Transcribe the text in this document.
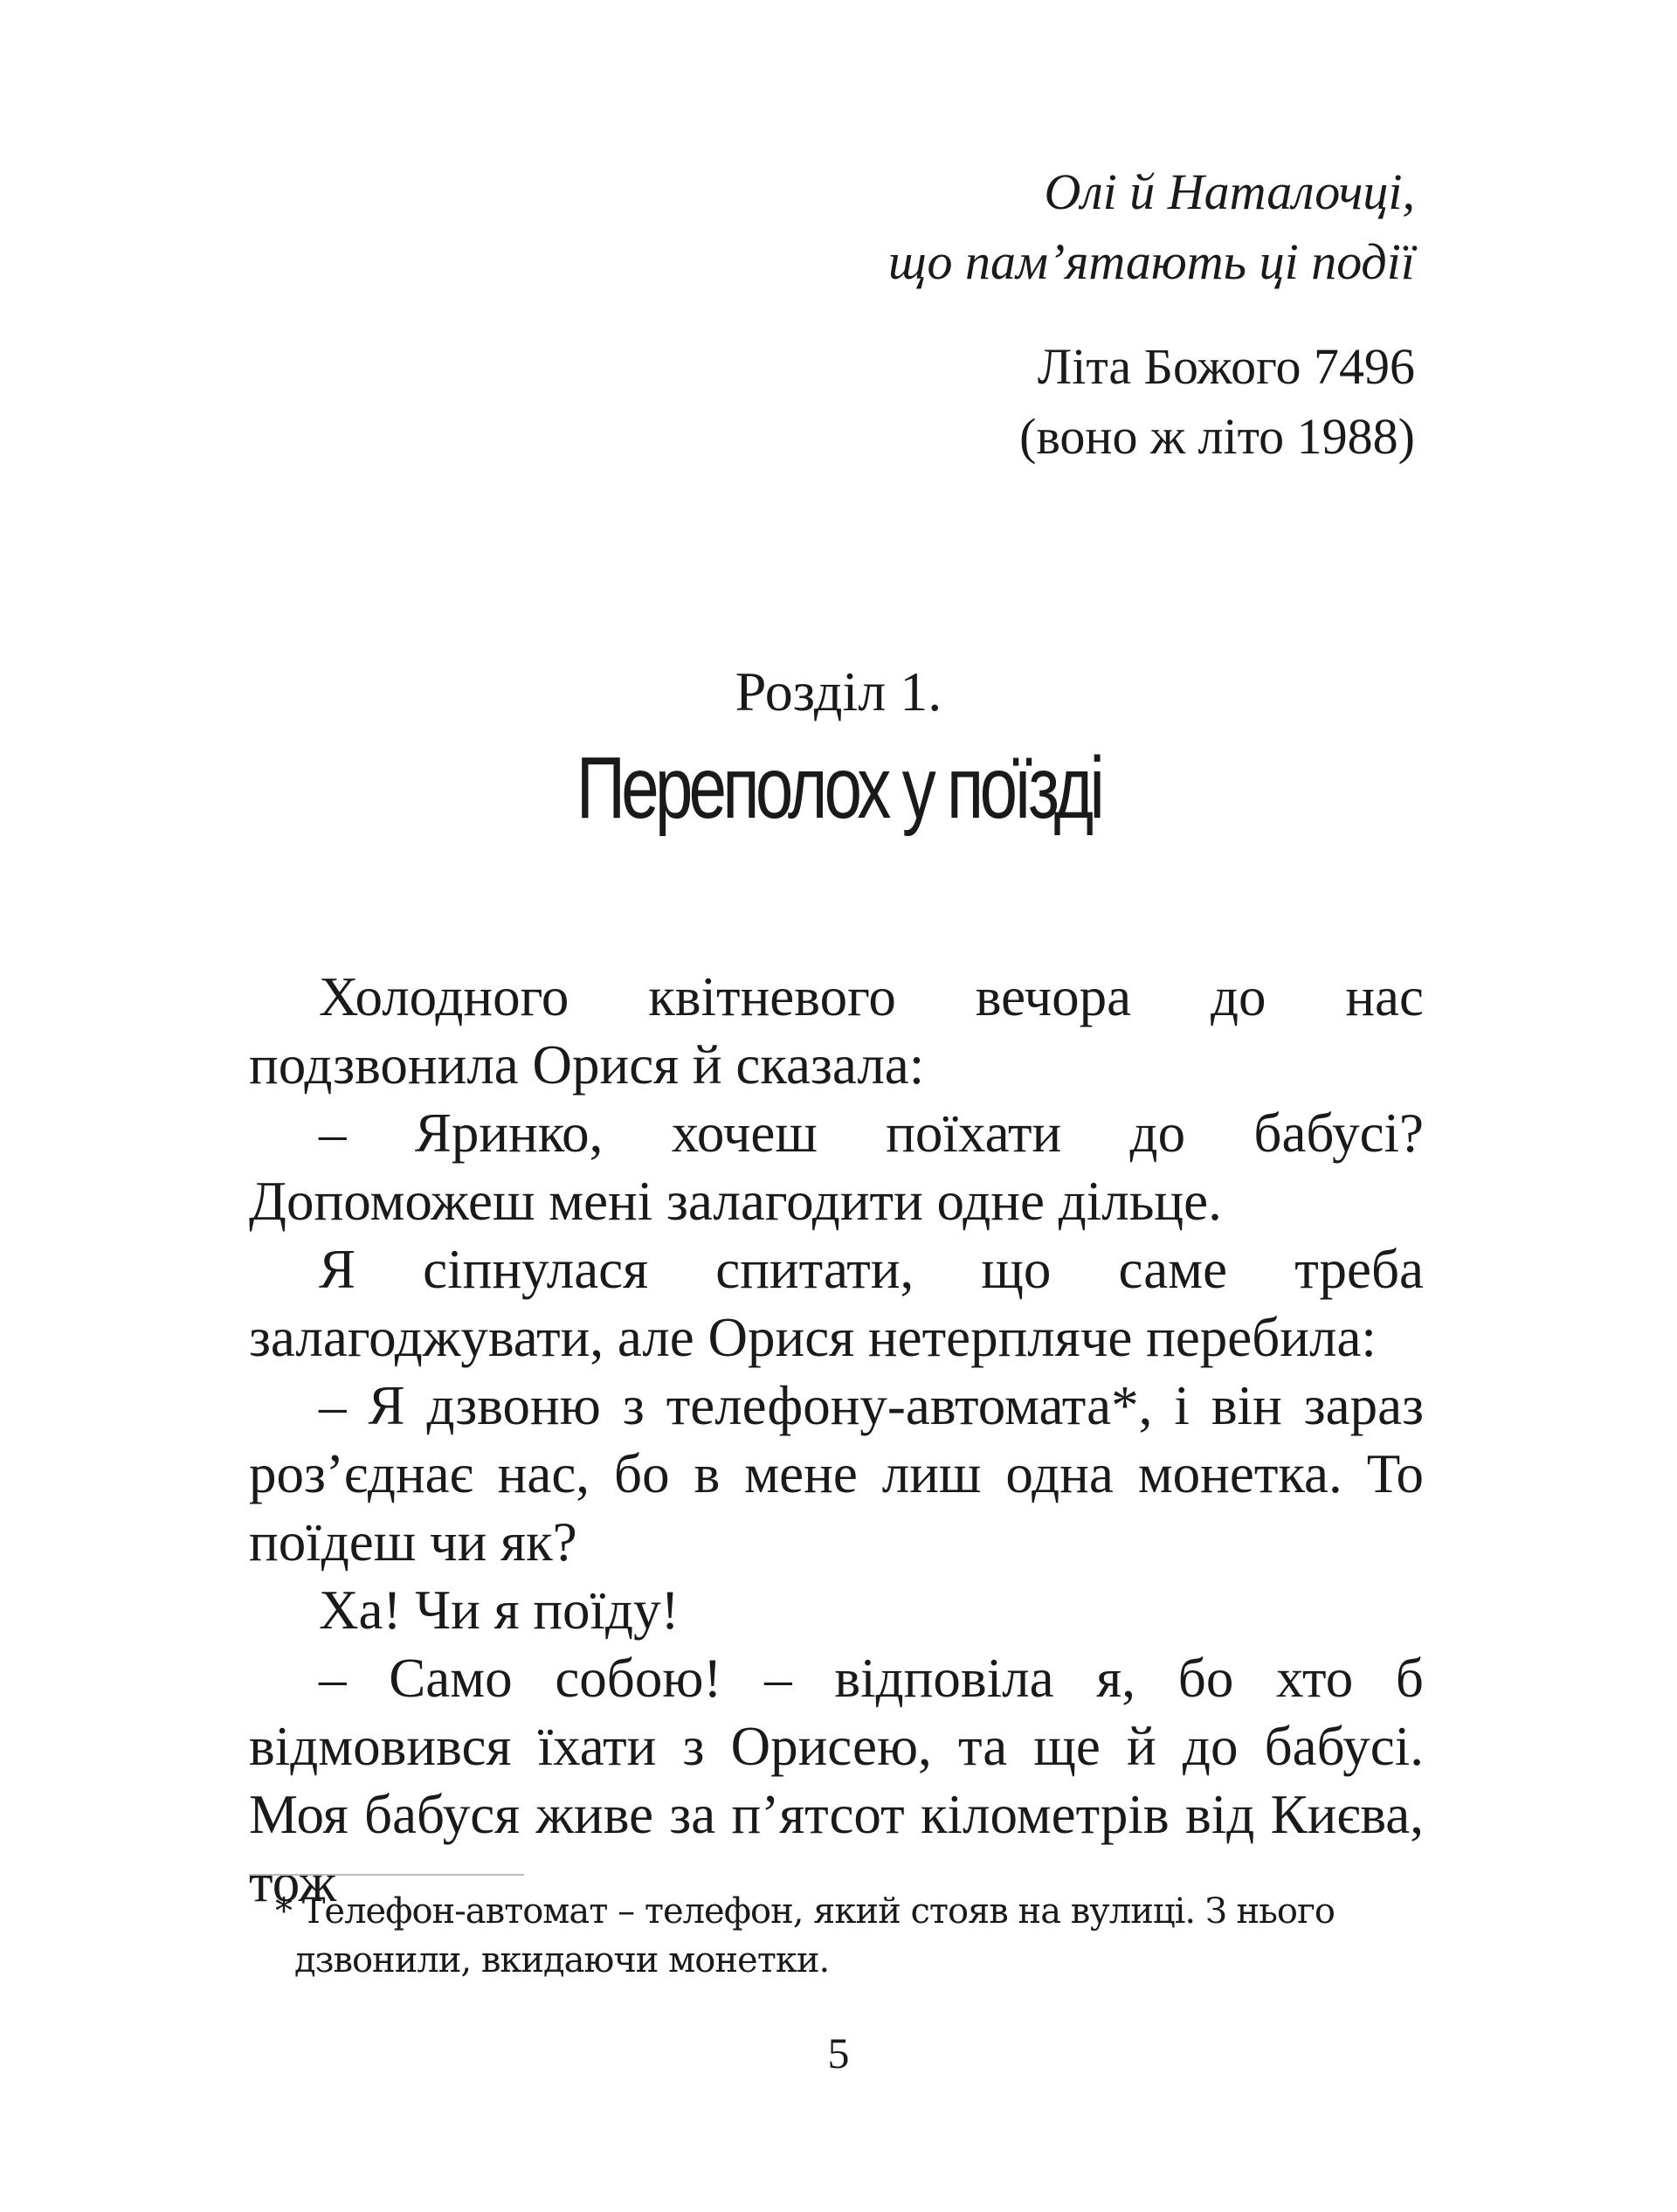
Олі й Наталочці,
що пам’ятають ці події
Літа Божого 7496
(воно ж літо 1988)
Розділ 1.
Переполох у поїзді

Холодного квітневого вечора до нас подзвонила Орися й сказала:

– Яринко, хочеш поїхати до бабусі? Допоможеш мені залагодити одне дільце.

Я сіпнулася спитати, що саме треба залагоджувати, але Орися нетерпляче перебила:

– Я дзвоню з телефону-автомата*, і він зараз роз’єднає нас, бо в мене лиш одна монетка. То поїдеш чи як?

Ха! Чи я поїду!

– Само собою! – відповіла я, бо хто б відмовився їхати з Орисею, та ще й до бабусі. Моя бабуся живе за п’ятсот кілометрів від Києва, тож

* Телефон-автомат – телефон, який стояв на вулиці. З нього
дзвонили, вкидаючи монетки.
5
